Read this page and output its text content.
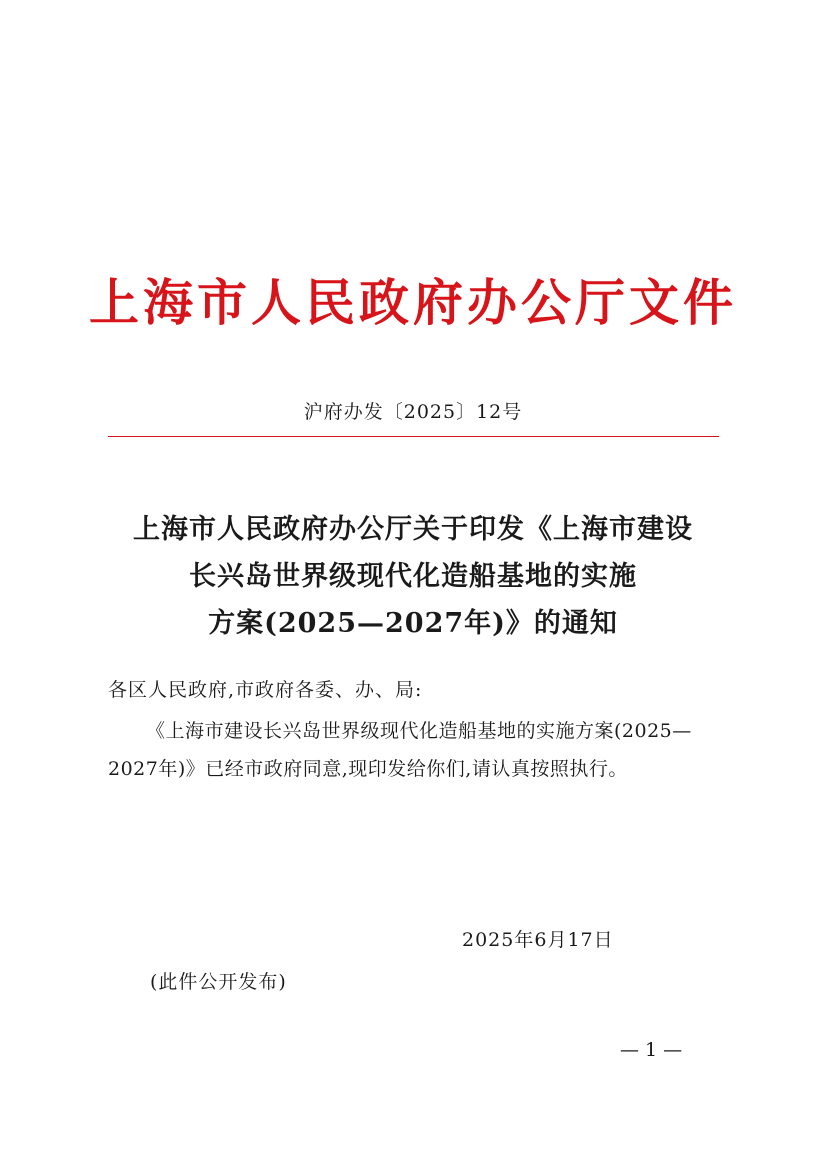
上海市人民政府办公厅文件
沪府办发〔2025〕12号
上海市人民政府办公厅关于印发《上海市建设
长兴岛世界级现代化造船基地的实施
方案(2025—2027年)》的通知
各区人民政府,市政府各委、办、局:
《上海市建设长兴岛世界级现代化造船基地的实施方案(2025—
2027年)》已经市政府同意,现印发给你们,请认真按照执行。
2025年6月17日
(此件公开发布)
— 1 —
